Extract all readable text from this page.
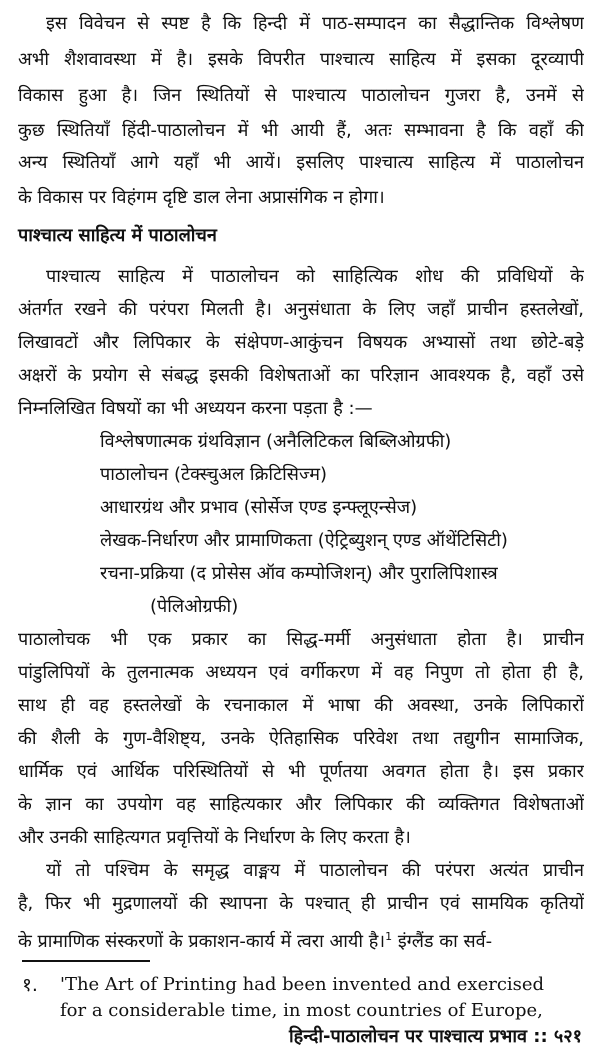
इस विवेचन से स्पष्ट है कि हिन्दी में पाठ-सम्पादन का सैद्धान्तिक विश्लेषण
अभी शैशवावस्था में है। इसके विपरीत पाश्चात्य साहित्य में इसका दूरव्यापी
विकास हुआ है। जिन स्थितियों से पाश्चात्य पाठालोचन गुजरा है, उनमें से
कुछ स्थितियाँ हिंदी-पाठालोचन में भी आयी हैं, अतः सम्भावना है कि वहाँ की
अन्य स्थितियाँ आगे यहाँ भी आयें। इसलिए पाश्चात्य साहित्य में पाठालोचन
के विकास पर विहंगम दृष्टि डाल लेना अप्रासंगिक न होगा।
पाश्चात्य साहित्य में पाठालोचन
पाश्चात्य साहित्य में पाठालोचन को साहित्यिक शोध की प्रविधियों के
अंतर्गत रखने की परंपरा मिलती है। अनुसंधाता के लिए जहाँ प्राचीन हस्तलेखों,
लिखावटों और लिपिकार के संक्षेपण-आकुंचन विषयक अभ्यासों तथा छोटे-बड़े
अक्षरों के प्रयोग से संबद्ध इसकी विशेषताओं का परिज्ञान आवश्यक है, वहाँ उसे
निम्नलिखित विषयों का भी अध्ययन करना पड़ता है :—
विश्लेषणात्मक ग्रंथविज्ञान (अनैलिटिकल बिब्लिओग्रफी)
पाठालोचन (टेक्स्चुअल क्रिटिसिज्म)
आधारग्रंथ और प्रभाव (सोर्सेज एण्ड इन्फ्लूएन्सेज)
लेखक-निर्धारण और प्रामाणिकता (ऐट्रिब्युशन् एण्ड ऑथेंटिसिटी)
रचना-प्रक्रिया (द प्रोसेस ऑव कम्पोजिशन्) और पुरालिपिशास्त्र
(पेलिओग्रफी)
पाठालोचक भी एक प्रकार का सिद्ध-मर्मी अनुसंधाता होता है। प्राचीन
पांडुलिपियों के तुलनात्मक अध्ययन एवं वर्गीकरण में वह निपुण तो होता ही है,
साथ ही वह हस्तलेखों के रचनाकाल में भाषा की अवस्था, उनके लिपिकारों
की शैली के गुण-वैशिष्ट्य, उनके ऐतिहासिक परिवेश तथा तद्युगीन सामाजिक,
धार्मिक एवं आर्थिक परिस्थितियों से भी पूर्णतया अवगत होता है। इस प्रकार
के ज्ञान का उपयोग वह साहित्यकार और लिपिकार की व्यक्तिगत विशेषताओं
और उनकी साहित्यगत प्रवृत्तियों के निर्धारण के लिए करता है।
यों तो पश्चिम के समृद्ध वाङ्मय में पाठालोचन की परंपरा अत्यंत प्राचीन
है, फिर भी मुद्रणालयों की स्थापना के पश्चात् ही प्राचीन एवं सामयिक कृतियों
के प्रामाणिक संस्करणों के प्रकाशन-कार्य में त्वरा आयी है।$^1$ इंग्लैंड का सर्व-
१. 'The Art of Printing had been invented and exercised
for a considerable time, in most countries of Europe,
हिन्दी-पाठालोचन पर पाश्चात्य प्रभाव :: ५२१
